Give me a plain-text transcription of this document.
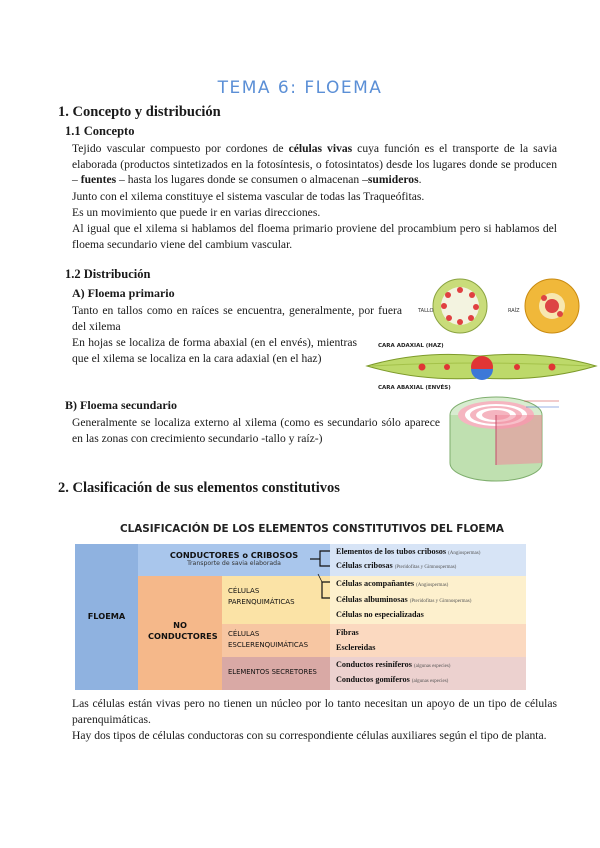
TEMA 6: FLOEMA
1. Concepto y distribución
1.1 Concepto
Tejido vascular compuesto por cordones de células vivas cuya función es el transporte de la savia elaborada (productos sintetizados en la fotosíntesis, o fotosintatos) desde los lugares donde se producen – fuentes – hasta los lugares donde se consumen o almacenan –sumideros.
Junto con el xilema constituye el sistema vascular de todas las Traqueófitas.
Es un movimiento que puede ir en varias direcciones.
Al igual que el xilema si hablamos del floema primario proviene del procambium pero si hablamos del floema secundario viene del cambium vascular.
1.2 Distribución
A) Floema primario
Tanto en tallos como en raíces se encuentra, generalmente, por fuera del xilema
En hojas se localiza de forma abaxial (en el envés), mientras que el xilema se localiza en la cara adaxial (en el haz)
B) Floema secundario
Generalmente se localiza externo al xilema (como es secundario sólo aparece en las zonas con crecimiento secundario -tallo y raíz-)
TALLO	RAÍZ
CARA ADAXIAL (HAZ)
CARA ABAXIAL (ENVÉS)
2. Clasificación de sus elementos constitutivos
CLASIFICACIÓN DE LOS ELEMENTOS CONSTITUTIVOS DEL FLOEMA
FLOEMA
CONDUCTORES o CRIBOSOS
Transporte de savia elaborada
NO CONDUCTORES
CÉLULAS PARENQUIMÁTICAS
CÉLULAS ESCLERENQUIMÁTICAS
ELEMENTOS SECRETORES
Elementos de los tubos cribosos (Angiospermas)
Células cribosas (Pteridofitas y Gimnospermas)
Células acompañantes (Angiospermas)
Células albuminosas (Pteridofitas y Gimnospermas)
Células no especializadas
Fibras
Esclereidas
Conductos resiníferos (algunas especies)
Conductos gomíferos (algunas especies)
Las células están vivas pero no tienen un núcleo por lo tanto necesitan un apoyo de un tipo de células parenquimáticas.
Hay dos tipos de células conductoras con su correspondiente células auxiliares según el tipo de planta.
